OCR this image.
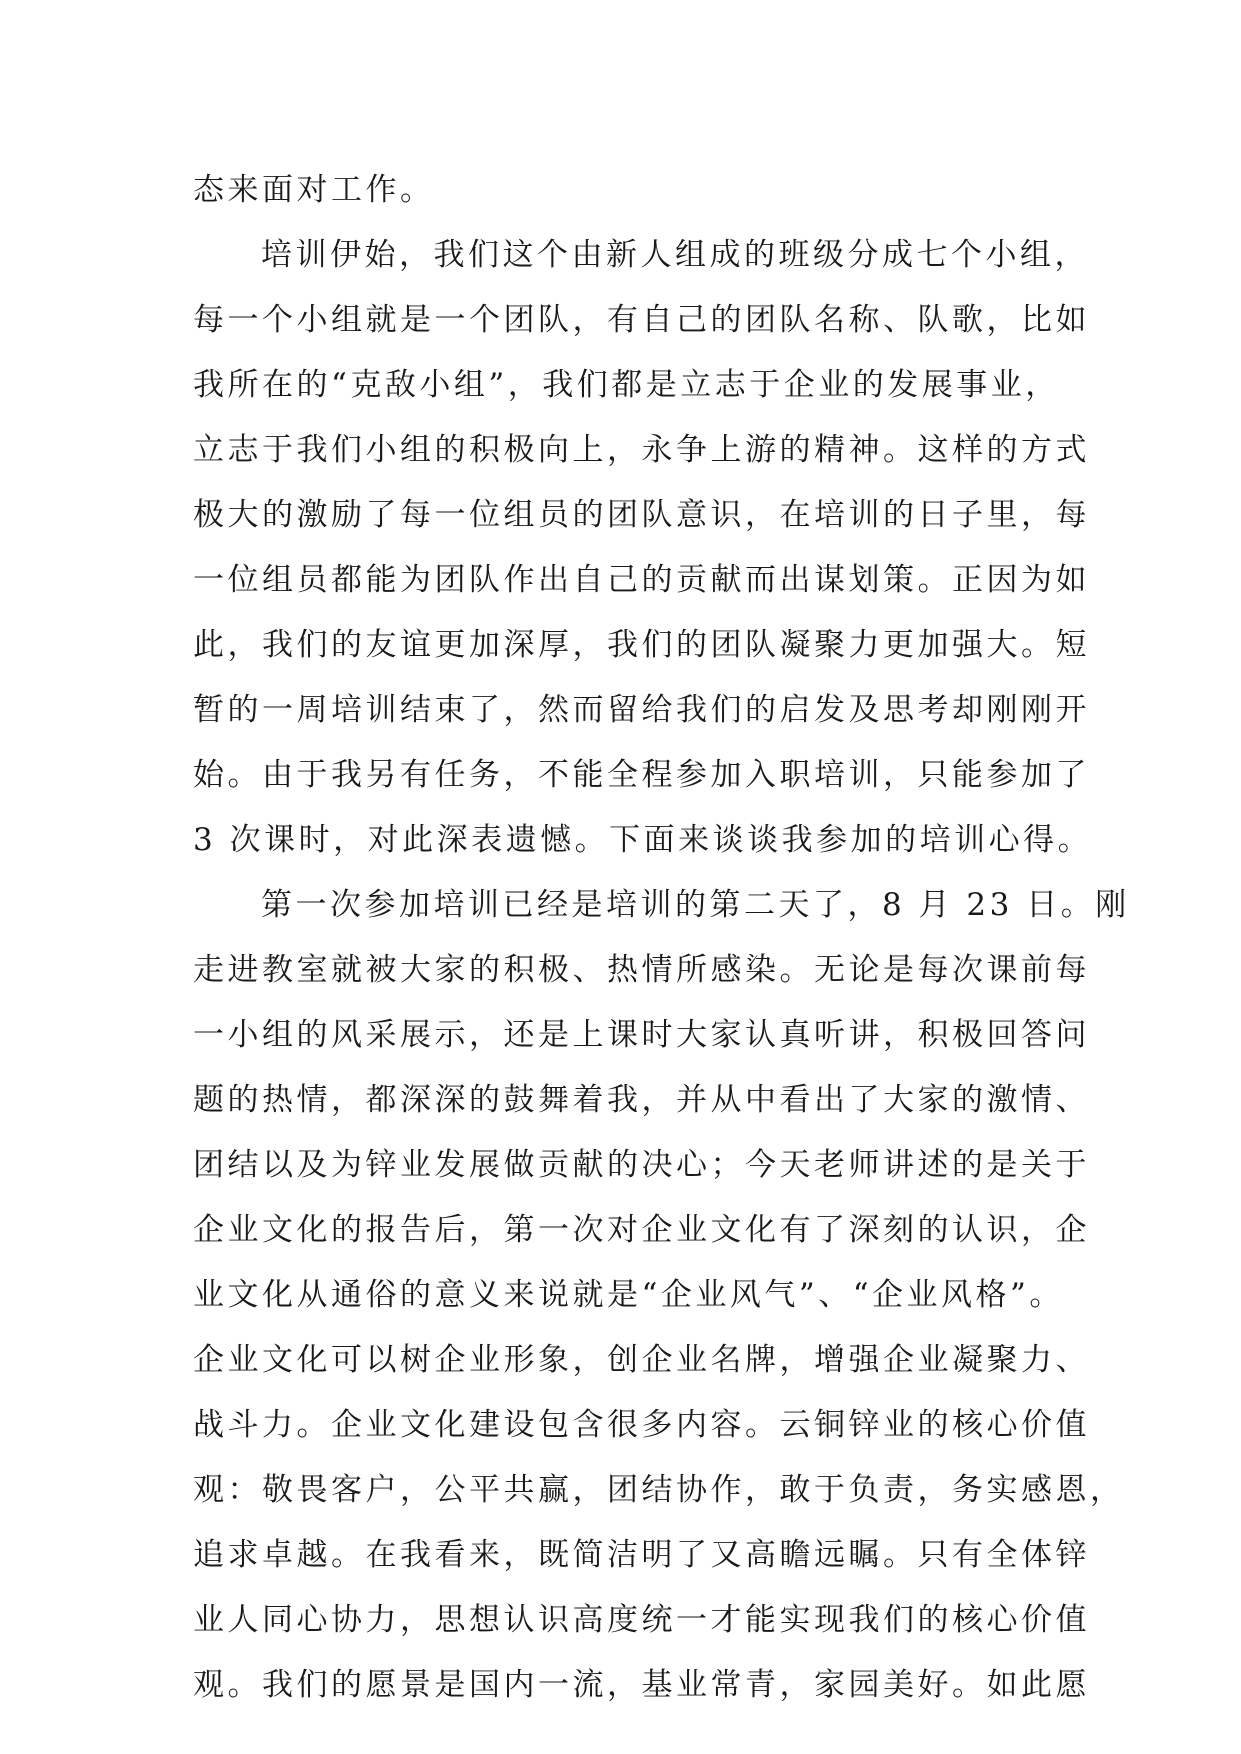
态来面对工作。
培训伊始，我们这个由新人组成的班级分成七个小组，
每一个小组就是一个团队，有自己的团队名称、队歌，比如
我所在的“克敌小组”，我们都是立志于企业的发展事业，
立志于我们小组的积极向上，永争上游的精神。这样的方式
极大的激励了每一位组员的团队意识，在培训的日子里，每
一位组员都能为团队作出自己的贡献而出谋划策。正因为如
此，我们的友谊更加深厚，我们的团队凝聚力更加强大。短
暂的一周培训结束了，然而留给我们的启发及思考却刚刚开
始。由于我另有任务，不能全程参加入职培训，只能参加了
3 次课时，对此深表遗憾。下面来谈谈我参加的培训心得。
第一次参加培训已经是培训的第二天了，8 月 23 日。刚
走进教室就被大家的积极、热情所感染。无论是每次课前每
一小组的风采展示，还是上课时大家认真听讲，积极回答问
题的热情，都深深的鼓舞着我，并从中看出了大家的激情、
团结以及为锌业发展做贡献的决心；今天老师讲述的是关于
企业文化的报告后，第一次对企业文化有了深刻的认识，企
业文化从通俗的意义来说就是“企业风气”、“企业风格”。
企业文化可以树企业形象，创企业名牌，增强企业凝聚力、
战斗力。企业文化建设包含很多内容。云铜锌业的核心价值
观：敬畏客户，公平共赢，团结协作，敢于负责，务实感恩，
追求卓越。在我看来，既简洁明了又高瞻远瞩。只有全体锌
业人同心协力，思想认识高度统一才能实现我们的核心价值
观。我们的愿景是国内一流，基业常青，家园美好。如此愿
